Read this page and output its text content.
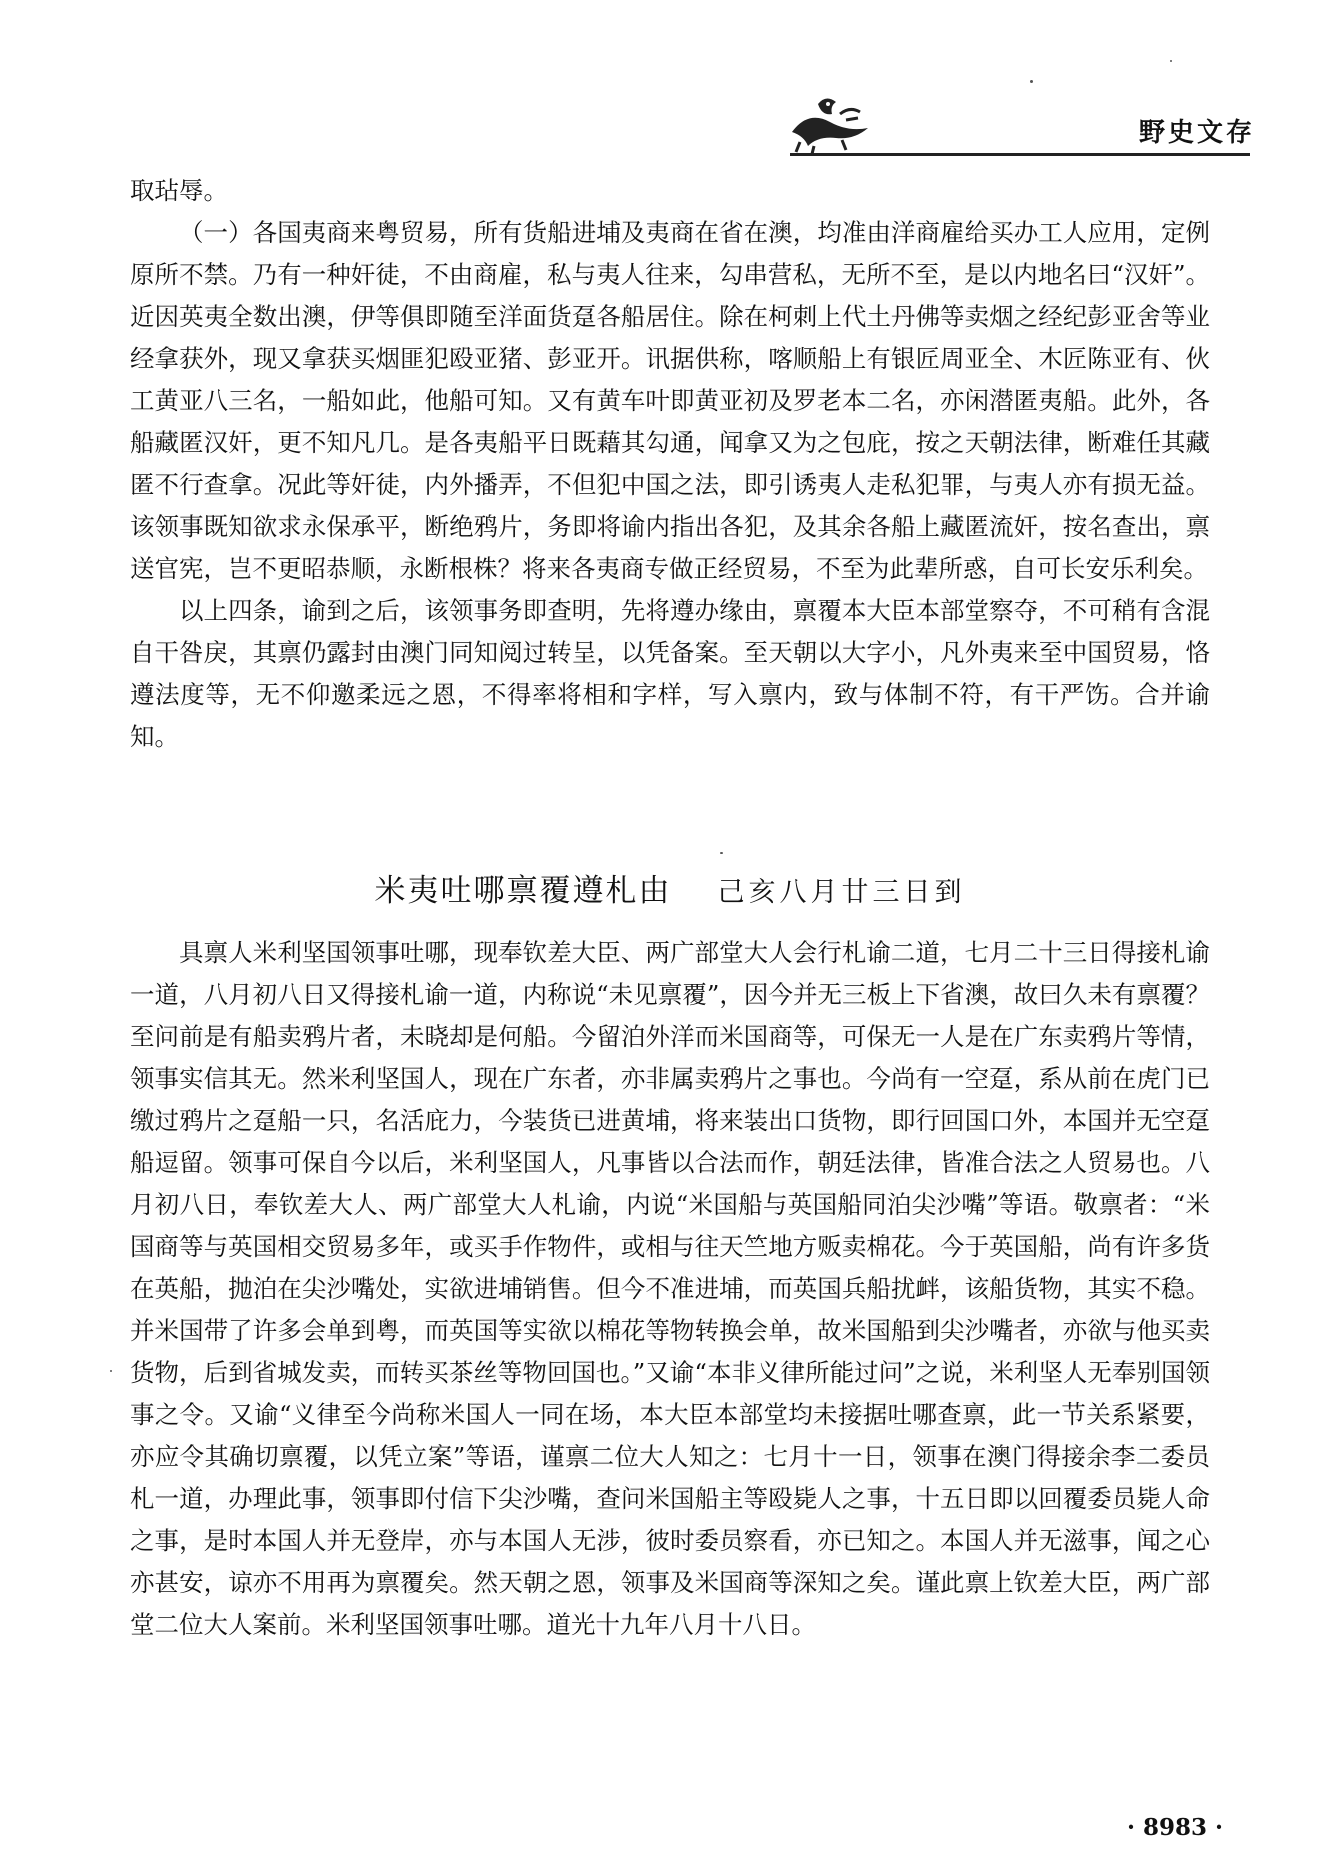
野史文存

取玷辱。

（一）各国夷商来粤贸易，所有货船进埔及夷商在省在澳，均准由洋商雇给买办工人应用，定例原所不禁。乃有一种奸徒，不由商雇，私与夷人往来，勾串营私，无所不至，是以内地名曰“汉奸”。近因英夷全数出澳，伊等俱即随至洋面货趸各船居住。除在柯刺上代土丹佛等卖烟之经纪彭亚舍等业经拿获外，现又拿获买烟匪犯殴亚猪、彭亚开。讯据供称，喀顺船上有银匠周亚全、木匠陈亚有、伙工黄亚八三名，一船如此，他船可知。又有黄车叶即黄亚初及罗老本二名，亦闲潜匿夷船。此外，各船藏匿汉奸，更不知凡几。是各夷船平日既藉其勾通，闻拿又为之包庇，按之天朝法律，断难任其藏匿不行查拿。况此等奸徒，内外播弄，不但犯中国之法，即引诱夷人走私犯罪，与夷人亦有损无益。该领事既知欲求永保承平，断绝鸦片，务即将谕内指出各犯，及其余各船上藏匿流奸，按名查出，禀送官宪，岂不更昭恭顺，永断根株？将来各夷商专做正经贸易，不至为此辈所惑，自可长安乐利矣。

以上四条，谕到之后，该领事务即查明，先将遵办缘由，禀覆本大臣本部堂察夺，不可稍有含混自干咎戾，其禀仍露封由澳门同知阅过转呈，以凭备案。至天朝以大字小，凡外夷来至中国贸易，恪遵法度等，无不仰邀柔远之恩，不得率将相和字样，写入禀内，致与体制不符，有干严饬。合并谕知。

米夷吐哪禀覆遵札由 己亥八月廿三日到

具禀人米利坚国领事吐哪，现奉钦差大臣、两广部堂大人会行札谕二道，七月二十三日得接札谕一道，八月初八日又得接札谕一道，内称说“未见禀覆”，因今并无三板上下省澳，故曰久未有禀覆？至问前是有船卖鸦片者，未晓却是何船。今留泊外洋而米国商等，可保无一人是在广东卖鸦片等情，领事实信其无。然米利坚国人，现在广东者，亦非属卖鸦片之事也。今尚有一空趸，系从前在虎门已缴过鸦片之趸船一只，名活庇力，今装货已进黄埔，将来装出口货物，即行回国口外，本国并无空趸船逗留。领事可保自今以后，米利坚国人，凡事皆以合法而作，朝廷法律，皆准合法之人贸易也。八月初八日，奉钦差大人、两广部堂大人札谕，内说“米国船与英国船同泊尖沙嘴”等语。敬禀者：“米国商等与英国相交贸易多年，或买手作物件，或相与往天竺地方贩卖棉花。今于英国船，尚有许多货在英船，抛泊在尖沙嘴处，实欲进埔销售。但今不准进埔，而英国兵船扰衅，该船货物，其实不稳。并米国带了许多会单到粤，而英国等实欲以棉花等物转换会单，故米国船到尖沙嘴者，亦欲与他买卖货物，后到省城发卖，而转买茶丝等物回国也。”又谕“本非义律所能过问”之说，米利坚人无奉别国领事之令。又谕“义律至今尚称米国人一同在场，本大臣本部堂均未接据吐哪查禀，此一节关系紧要，亦应令其确切禀覆，以凭立案”等语，谨禀二位大人知之：七月十一日，领事在澳门得接余李二委员札一道，办理此事，领事即付信下尖沙嘴，查问米国船主等殴毙人之事，十五日即以回覆委员毙人命之事，是时本国人并无登岸，亦与本国人无涉，彼时委员察看，亦已知之。本国人并无滋事，闻之心亦甚安，谅亦不用再为禀覆矣。然天朝之恩，领事及米国商等深知之矣。谨此禀上钦差大臣，两广部堂二位大人案前。米利坚国领事吐哪。道光十九年八月十八日。

· 8983 ·
